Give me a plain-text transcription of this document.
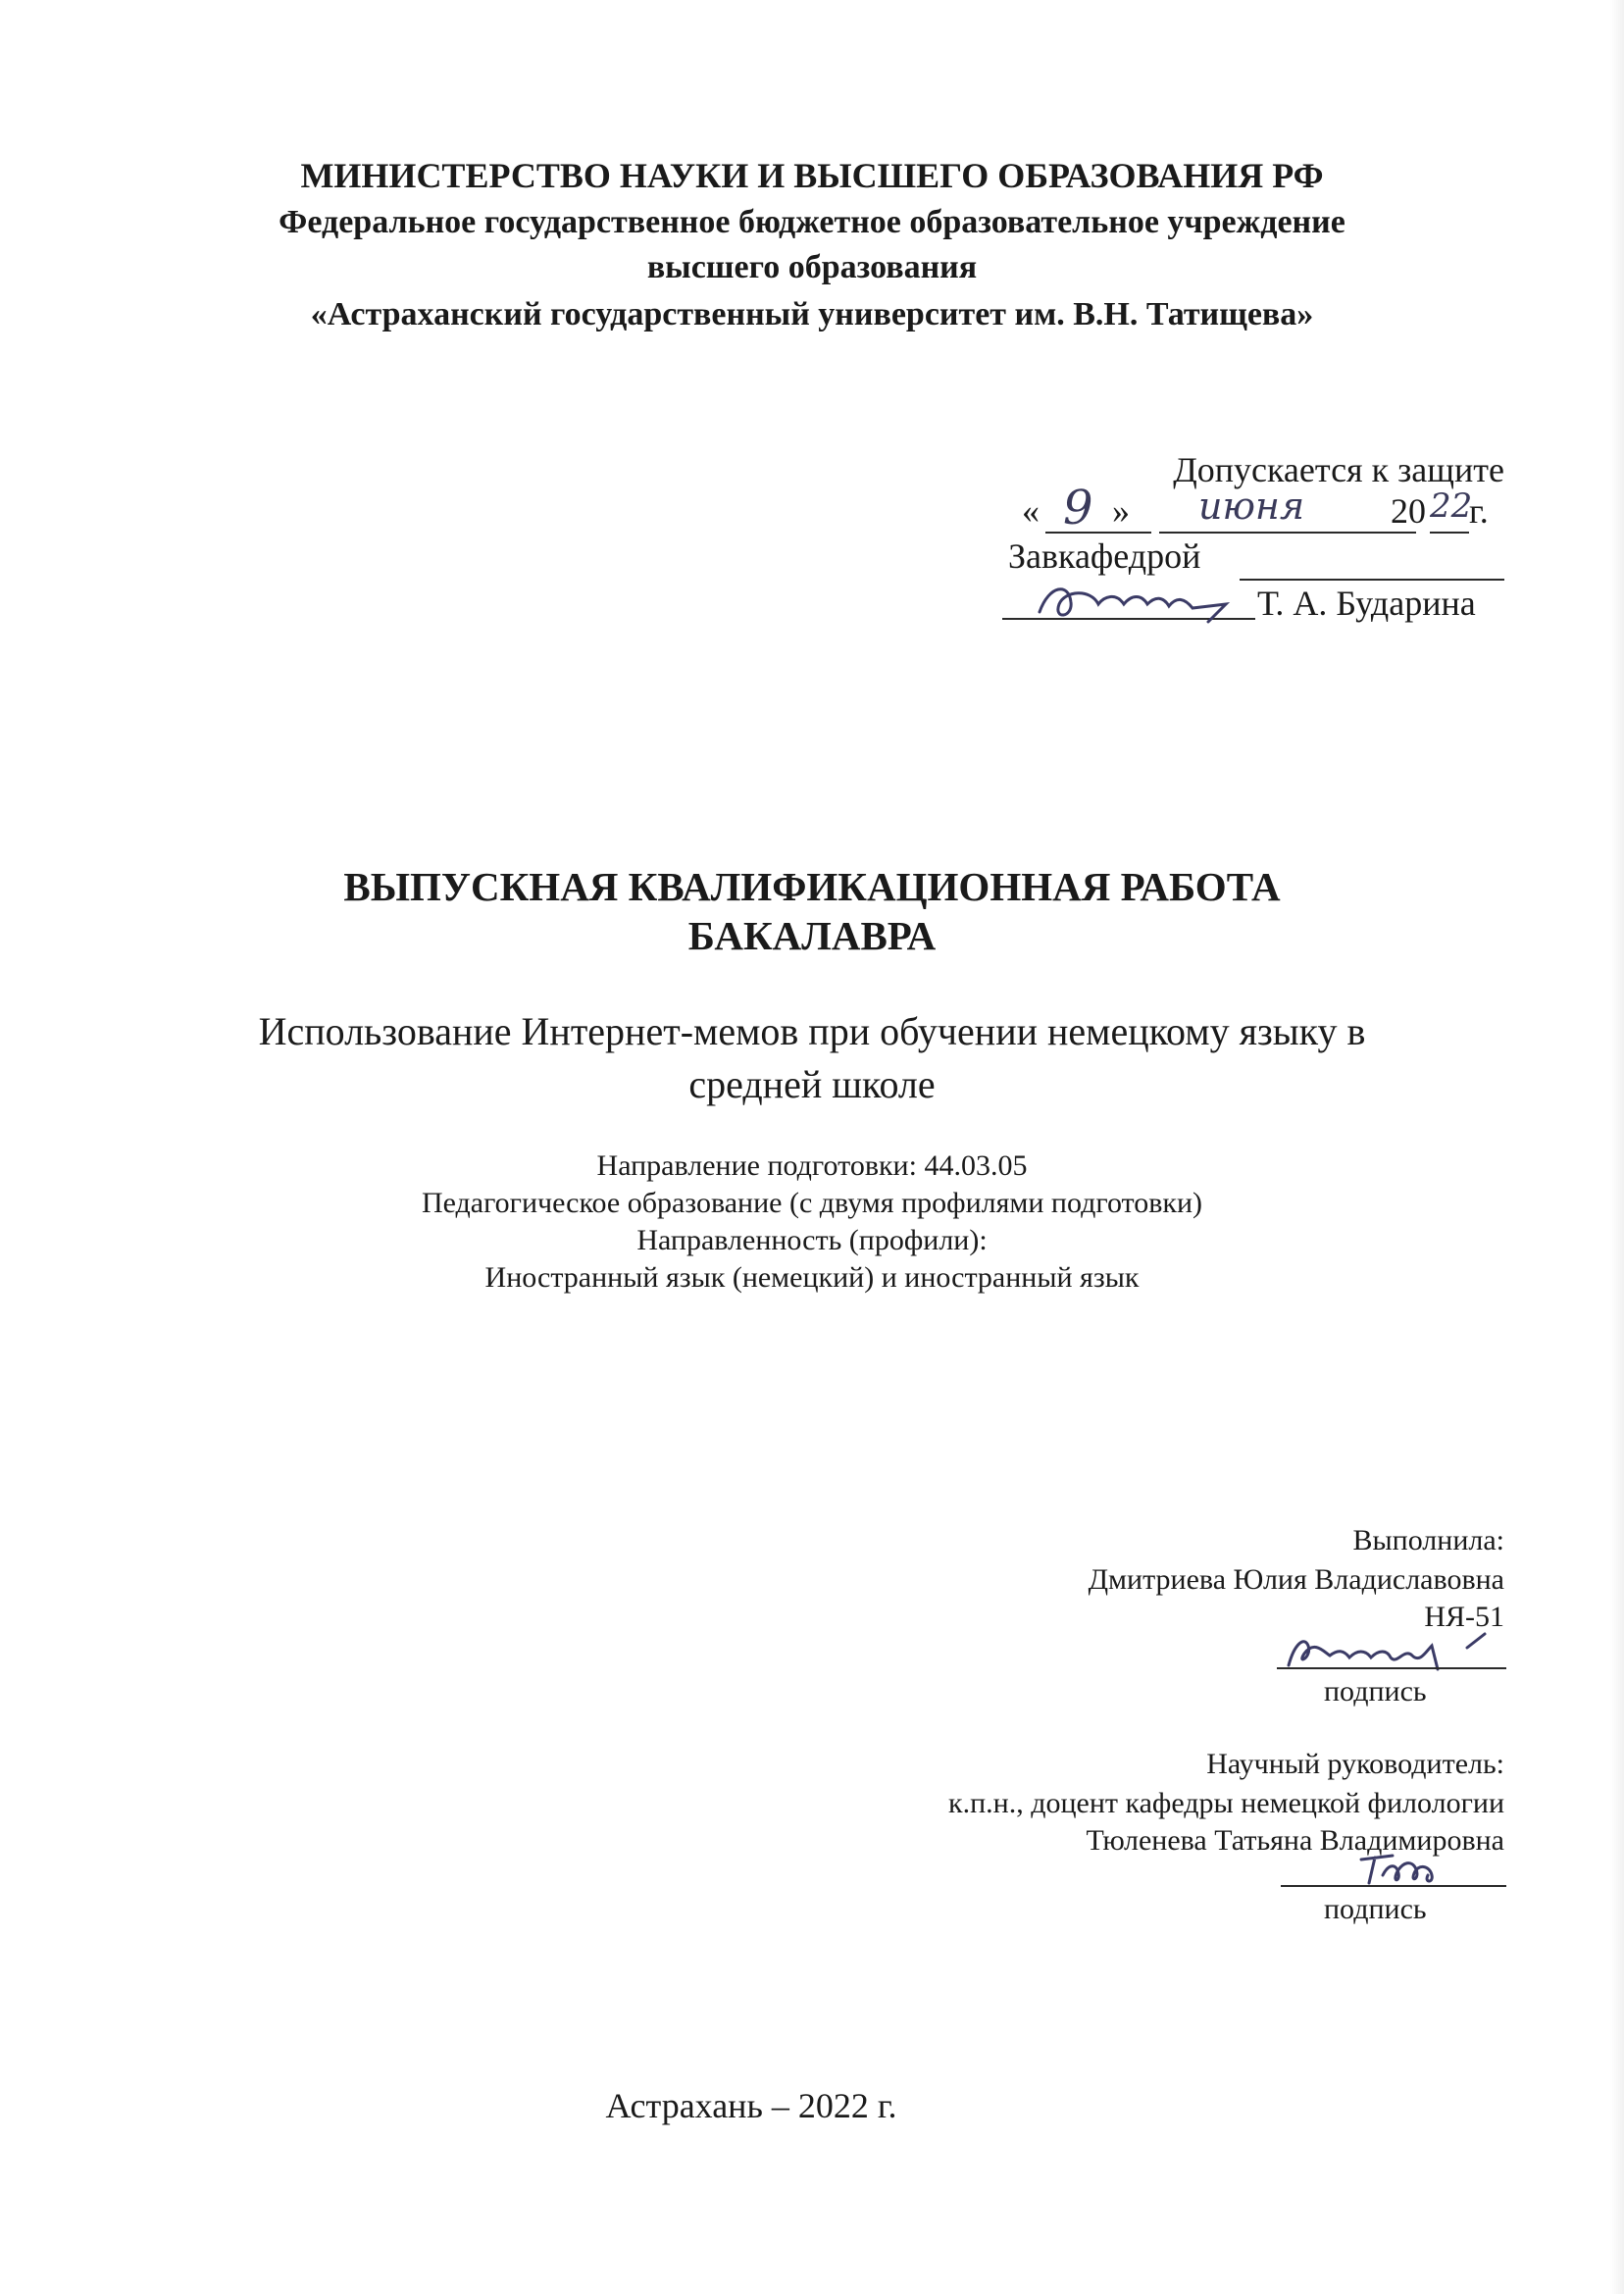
МИНИСТЕРСТВО НАУКИ И ВЫСШЕГО ОБРАЗОВАНИЯ РФ
Федеральное государственное бюджетное образовательное учреждение
высшего образования
«Астраханский государственный университет им. В.Н. Татищева»
Допускается к защите
« 9 » июня 20 22
г.
Завкафедрой
Т. А. Бударина
ВЫПУСКНАЯ КВАЛИФИКАЦИОННАЯ РАБОТА
БАКАЛАВРА
Использование Интернет-мемов при обучении немецкому языку в
средней школе
Направление подготовки: 44.03.05
Педагогическое образование (с двумя профилями подготовки)
Направленность (профили):
Иностранный язык (немецкий) и иностранный язык
Выполнила:
Дмитриева Юлия Владиславовна
НЯ-51
подпись
Научный руководитель:
к.п.н., доцент кафедры немецкой филологии
Тюленева Татьяна Владимировна
подпись
Астрахань – 2022 г.
